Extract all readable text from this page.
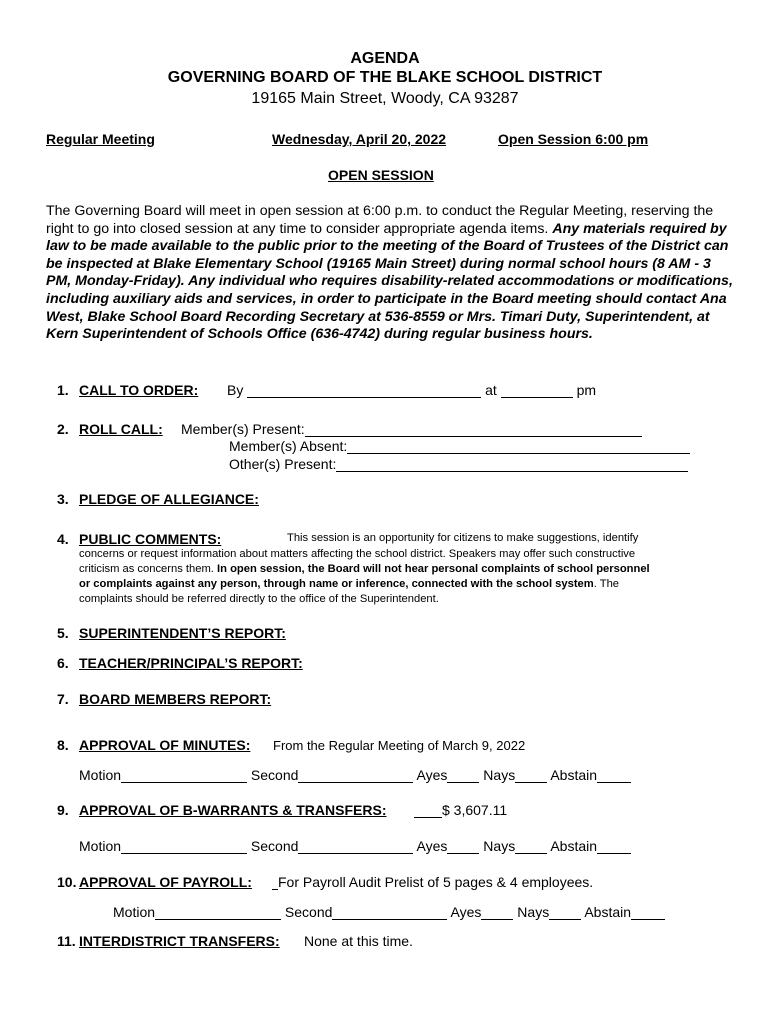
AGENDA
GOVERNING BOARD OF THE BLAKE SCHOOL DISTRICT
19165 Main Street, Woody, CA 93287
Regular Meeting	Wednesday, April 20, 2022	Open Session 6:00 pm
OPEN SESSION
The Governing Board will meet in open session at 6:00 p.m. to conduct the Regular Meeting, reserving the right to go into closed session at any time to consider appropriate agenda items. Any materials required by law to be made available to the public prior to the meeting of the Board of Trustees of the District can be inspected at Blake Elementary School (19165 Main Street) during normal school hours (8 AM - 3 PM, Monday-Friday). Any individual who requires disability-related accommodations or modifications, including auxiliary aids and services, in order to participate in the Board meeting should contact Ana West, Blake School Board Recording Secretary at 536-8559 or Mrs. Timari Duty, Superintendent, at Kern Superintendent of Schools Office (636-4742) during regular business hours.
1. CALL TO ORDER: By	at	pm
2. ROLL CALL: Member(s) Present:
Member(s) Absent:
Other(s) Present:
3. PLEDGE OF ALLEGIANCE:
4. PUBLIC COMMENTS:	This session is an opportunity for citizens to make suggestions, identify
concerns or request information about matters affecting the school district. Speakers may offer such constructive
criticism as concerns them. In open session, the Board will not hear personal complaints of school personnel
or complaints against any person, through name or inference, connected with the school system. The
complaints should be referred directly to the office of the Superintendent.
5. SUPERINTENDENT’S REPORT:
6. TEACHER/PRINCIPAL’S REPORT:
7. BOARD MEMBERS REPORT:
8. APPROVAL OF MINUTES: From the Regular Meeting of March 9, 2022
Motion	Second	Ayes	Nays	Abstain
9. APPROVAL OF B-WARRANTS & TRANSFERS:	$ 3,607.11
Motion	Second	Ayes	Nays	Abstain
10. APPROVAL OF PAYROLL:	For Payroll Audit Prelist of 5 pages & 4 employees.
Motion	Second	Ayes	Nays	Abstain
11. INTERDISTRICT TRANSFERS: None at this time.
